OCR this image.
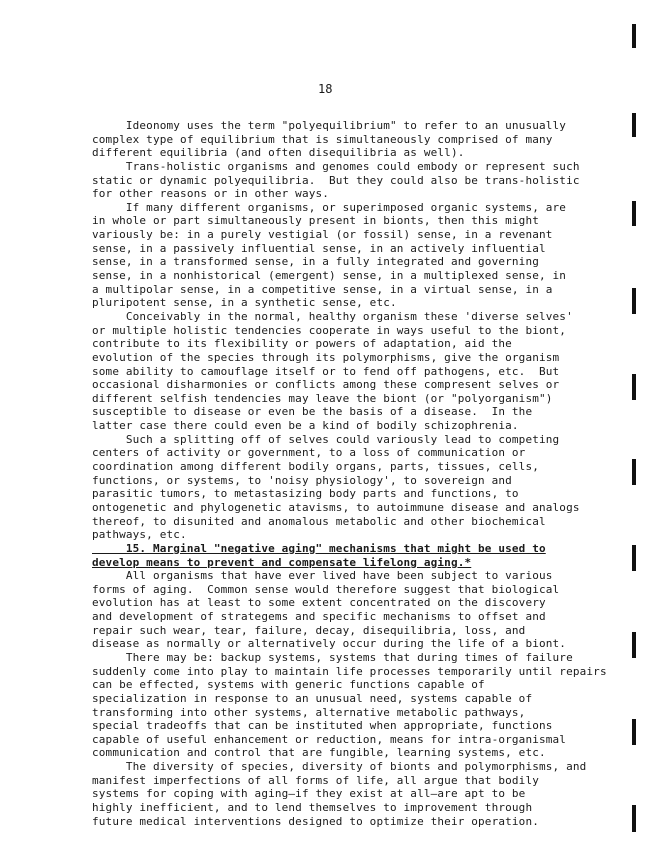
18
Ideonomy uses the term "polyequilibrium" to refer to an unusually
complex type of equilibrium that is simultaneously comprised of many
different equilibria (and often disequilibria as well).
Trans-holistic organisms and genomes could embody or represent such
static or dynamic polyequilibria.  But they could also be trans-holistic
for other reasons or in other ways.
If many different organisms, or superimposed organic systems, are
in whole or part simultaneously present in bionts, then this might
variously be: in a purely vestigial (or fossil) sense, in a revenant
sense, in a passively influential sense, in an actively influential
sense, in a transformed sense, in a fully integrated and governing
sense, in a nonhistorical (emergent) sense, in a multiplexed sense, in
a multipolar sense, in a competitive sense, in a virtual sense, in a
pluripotent sense, in a synthetic sense, etc.
Conceivably in the normal, healthy organism these 'diverse selves'
or multiple holistic tendencies cooperate in ways useful to the biont,
contribute to its flexibility or powers of adaptation, aid the
evolution of the species through its polymorphisms, give the organism
some ability to camouflage itself or to fend off pathogens, etc.  But
occasional disharmonies or conflicts among these compresent selves or
different selfish tendencies may leave the biont (or "polyorganism")
susceptible to disease or even be the basis of a disease.  In the
latter case there could even be a kind of bodily schizophrenia.
Such a splitting off of selves could variously lead to competing
centers of activity or government, to a loss of communication or
coordination among different bodily organs, parts, tissues, cells,
functions, or systems, to 'noisy physiology', to sovereign and
parasitic tumors, to metastasizing body parts and functions, to
ontogenetic and phylogenetic atavisms, to autoimmune disease and analogs
thereof, to disunited and anomalous metabolic and other biochemical
pathways, etc.
15. Marginal "negative aging" mechanisms that might be used to
develop means to prevent and compensate lifelong aging.*
All organisms that have ever lived have been subject to various
forms of aging.  Common sense would therefore suggest that biological
evolution has at least to some extent concentrated on the discovery
and development of strategems and specific mechanisms to offset and
repair such wear, tear, failure, decay, disequilibria, loss, and
disease as normally or alternatively occur during the life of a biont.
There may be: backup systems, systems that during times of failure
suddenly come into play to maintain life processes temporarily until repairs
can be effected, systems with generic functions capable of
specialization in response to an unusual need, systems capable of
transforming into other systems, alternative metabolic pathways,
special tradeoffs that can be instituted when appropriate, functions
capable of useful enhancement or reduction, means for intra-organismal
communication and control that are fungible, learning systems, etc.
The diversity of species, diversity of bionts and polymorphisms, and
manifest imperfections of all forms of life, all argue that bodily
systems for coping with aging—if they exist at all—are apt to be
highly inefficient, and to lend themselves to improvement through
future medical interventions designed to optimize their operation.
